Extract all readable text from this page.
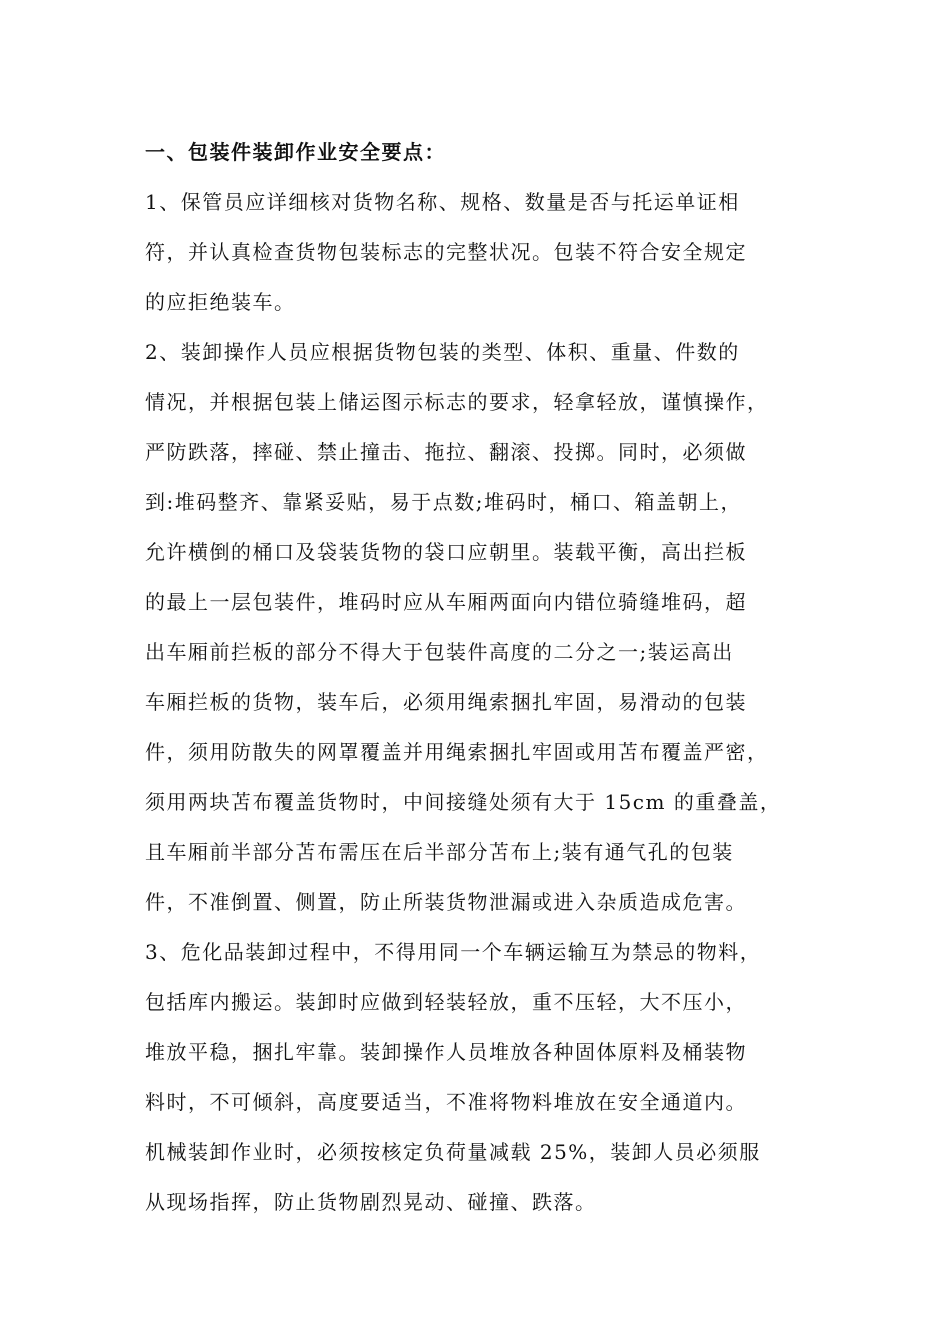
一、包装件装卸作业安全要点：
1、保管员应详细核对货物名称、规格、数量是否与托运单证相
符，并认真检查货物包装标志的完整状况。包装不符合安全规定
的应拒绝装车。
2、装卸操作人员应根据货物包装的类型、体积、重量、件数的
情况，并根据包装上储运图示标志的要求，轻拿轻放，谨慎操作，
严防跌落，摔碰、禁止撞击、拖拉、翻滚、投掷。同时，必须做
到:堆码整齐、靠紧妥贴，易于点数;堆码时，桶口、箱盖朝上，
允许横倒的桶口及袋装货物的袋口应朝里。装载平衡，高出拦板
的最上一层包装件，堆码时应从车厢两面向内错位骑缝堆码，超
出车厢前拦板的部分不得大于包装件高度的二分之一;装运高出
车厢拦板的货物，装车后，必须用绳索捆扎牢固，易滑动的包装
件，须用防散失的网罩覆盖并用绳索捆扎牢固或用苫布覆盖严密，
须用两块苫布覆盖货物时，中间接缝处须有大于 15cm 的重叠盖，
且车厢前半部分苫布需压在后半部分苫布上;装有通气孔的包装
件，不准倒置、侧置，防止所装货物泄漏或进入杂质造成危害。
3、危化品装卸过程中，不得用同一个车辆运输互为禁忌的物料，
包括库内搬运。装卸时应做到轻装轻放，重不压轻，大不压小，
堆放平稳，捆扎牢靠。装卸操作人员堆放各种固体原料及桶装物
料时，不可倾斜，高度要适当，不准将物料堆放在安全通道内。
机械装卸作业时，必须按核定负荷量减载 25%，装卸人员必须服
从现场指挥，防止货物剧烈晃动、碰撞、跌落。
